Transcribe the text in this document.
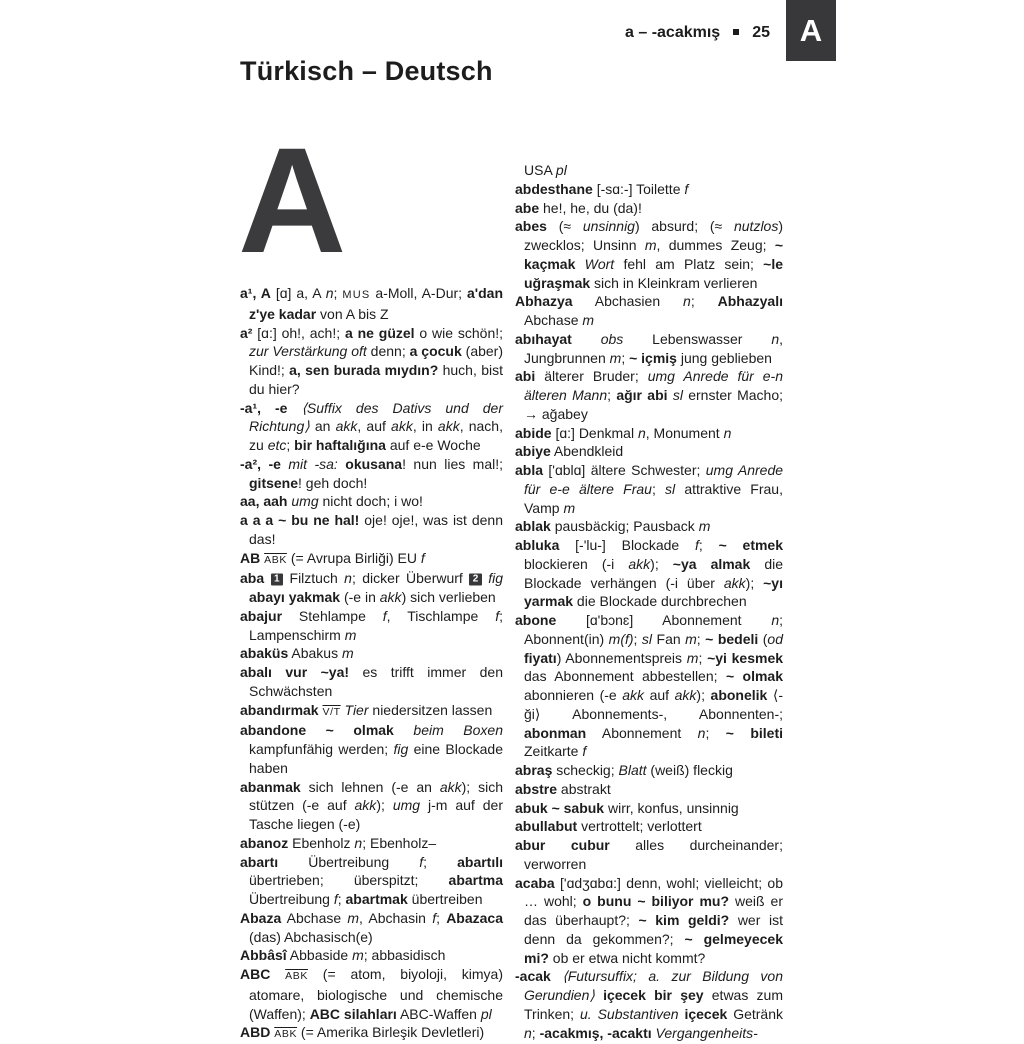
a – -acakmış 25 A
Türkisch – Deutsch
A

a¹, A [ɑ] a, A n; MUS a-Moll, A-Dur; a'dan z'ye kadar von A bis Z

a² [ɑ:] oh!, ach!; a ne güzel o wie schön!; zur Verstärkung oft denn; a çocuk (aber) Kind!; a, sen burada mıydın? huch, bist du hier?

-a¹, -e ⟨Suffix des Dativs und der Richtung⟩ an akk, auf akk, in akk, nach, zu etc; bir haftalığına auf e-e Woche

-a², -e mit -sa: okusana! nun lies mal!; gitsene! geh doch!

aa, aah umg nicht doch; i wo!

a a a ~ bu ne hal! oje! oje!, was ist denn das!

AB $\overline{ABK}$ (= Avrupa Birliği) EU f

aba 1 Filztuch n; dicker Überwurf 2 fig abayı yakmak (-e in akk) sich verlieben

abajur Stehlampe f, Tischlampe f; Lampenschirm m

abaküs Abakus m

abalı vur ~ya! es trifft immer den Schwächsten

abandırmak V/T Tier niedersitzen lassen

abandone ~ olmak beim Boxen kampfunfähig werden; fig eine Blockade haben

abanmak sich lehnen (-e an akk); sich stützen (-e auf akk); umg j-m auf der Tasche liegen (-e)

abanoz Ebenholz n; Ebenholz–

abartı Übertreibung f; abartılı übertrieben; überspitzt; abartma Übertreibung f; abartmak übertreiben

Abaza Abchase m, Abchasin f; Abazaca (das) Abchasisch(e)

Abbâsî Abbaside m; abbasidisch

ABC $\overline{ABK}$ (= atom, biyoloji, kimya) atomare, biologische und chemische (Waffen); ABC silahları ABC-Waffen pl

ABD $\overline{ABK}$ (= Amerika Birleşik Devletleri)

USA pl

abdesthane [-sɑ:-] Toilette f

abe he!, he, du (da)!

abes (≈ unsinnig) absurd; (≈ nutzlos) zwecklos; Unsinn m, dummes Zeug; ~ kaçmak Wort fehl am Platz sein; ~le uğraşmak sich in Kleinkram verlieren

Abhazya Abchasien n; Abhazyalı Abchase m

abıhayat obs Lebenswasser n, Jungbrunnen m; ~ içmiş jung geblieben

abi älterer Bruder; umg Anrede für e-n älteren Mann; ağır abi sl ernster Macho; → ağabey

abide [ɑ:] Denkmal n, Monument n

abiye Abendkleid

abla ['ɑblɑ] ältere Schwester; umg Anrede für e-e ältere Frau; sl attraktive Frau, Vamp m

ablak pausbäckig; Pausback m

abluka [-'lu-] Blockade f; ~ etmek blockieren (-i akk); ~ya almak die Blockade verhängen (-i über akk); ~yı yarmak die Blockade durchbrechen

abone [ɑ'bɔnɛ] Abonnement n; Abonnent(in) m(f); sl Fan m; ~ bedeli (od fiyatı) Abonnementspreis m; ~yi kesmek das Abonnement abbestellen; ~ olmak abonnieren (-e akk auf akk); abonelik ⟨-ği⟩ Abonnements-, Abonnenten-; abonman Abonnement n; ~ bileti Zeitkarte f

abraş scheckig; Blatt (weiß) fleckig

abstre abstrakt

abuk ~ sabuk wirr, konfus, unsinnig

abullabut vertrottelt; verlottert

abur cubur alles durcheinander; verworren

acaba ['ɑdʒɑbɑ:] denn, wohl; vielleicht; ob … wohl; o bunu ~ biliyor mu? weiß er das überhaupt?; ~ kim geldi? wer ist denn da gekommen?; ~ gelmeyecek mi? ob er etwa nicht kommt?

-acak ⟨Futursuffix; a. zur Bildung von Gerundien⟩ içecek bir şey etwas zum Trinken; u. Substantiven içecek Getränk n; -acakmış, -acaktı Vergangenheits-
